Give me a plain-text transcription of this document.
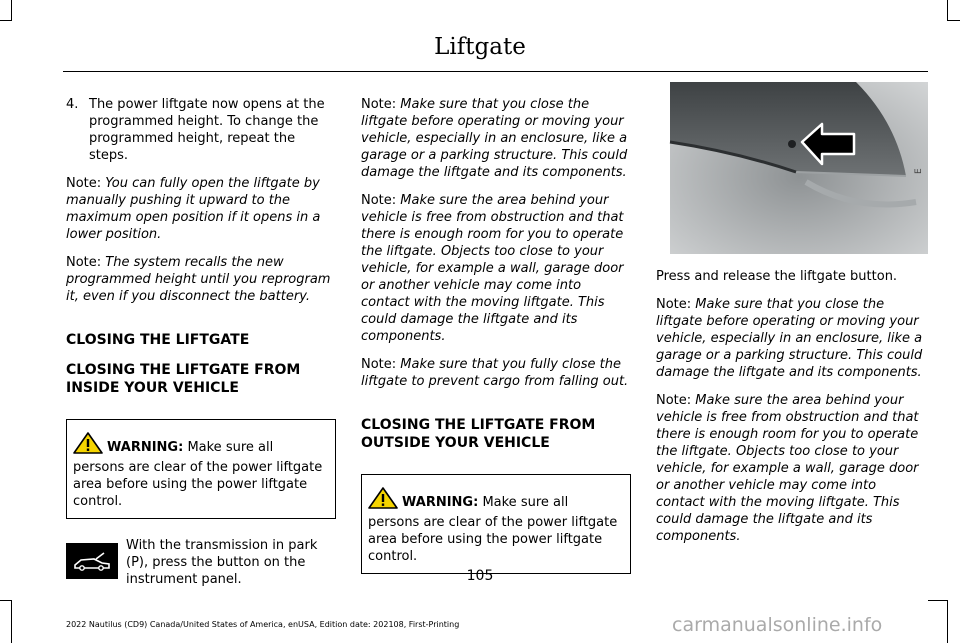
Liftgate
4. The power liftgate now opens at the programmed height. To change the programmed height, repeat the steps.

Note: You can fully open the liftgate by manually pushing it upward to the maximum open position if it opens in a lower position.

Note: The system recalls the new programmed height until you reprogram it, even if you disconnect the battery.

CLOSING THE LIFTGATE
CLOSING THE LIFTGATE FROM INSIDE YOUR VEHICLE
WARNING: Make sure all persons are clear of the power liftgate area before using the power liftgate control.
With the transmission in park (P), press the button on the instrument panel.

Note: Make sure that you close the liftgate before operating or moving your vehicle, especially in an enclosure, like a garage or a parking structure. This could damage the liftgate and its components.

Note: Make sure the area behind your vehicle is free from obstruction and that there is enough room for you to operate the liftgate. Objects too close to your vehicle, for example a wall, garage door or another vehicle may come into contact with the moving liftgate. This could damage the liftgate and its components.

Note: Make sure that you fully close the liftgate to prevent cargo from falling out.

CLOSING THE LIFTGATE FROM OUTSIDE YOUR VEHICLE
WARNING: Make sure all persons are clear of the power liftgate area before using the power liftgate control.
E

Press and release the liftgate button.

Note: Make sure that you close the liftgate before operating or moving your vehicle, especially in an enclosure, like a garage or a parking structure. This could damage the liftgate and its components.

Note: Make sure the area behind your vehicle is free from obstruction and that there is enough room for you to operate the liftgate. Objects too close to your vehicle, for example a wall, garage door or another vehicle may come into contact with the moving liftgate. This could damage the liftgate and its components.

105
2022 Nautilus (CD9) Canada/United States of America, enUSA, Edition date: 202108, First-Printing	carmanualsonline.info
